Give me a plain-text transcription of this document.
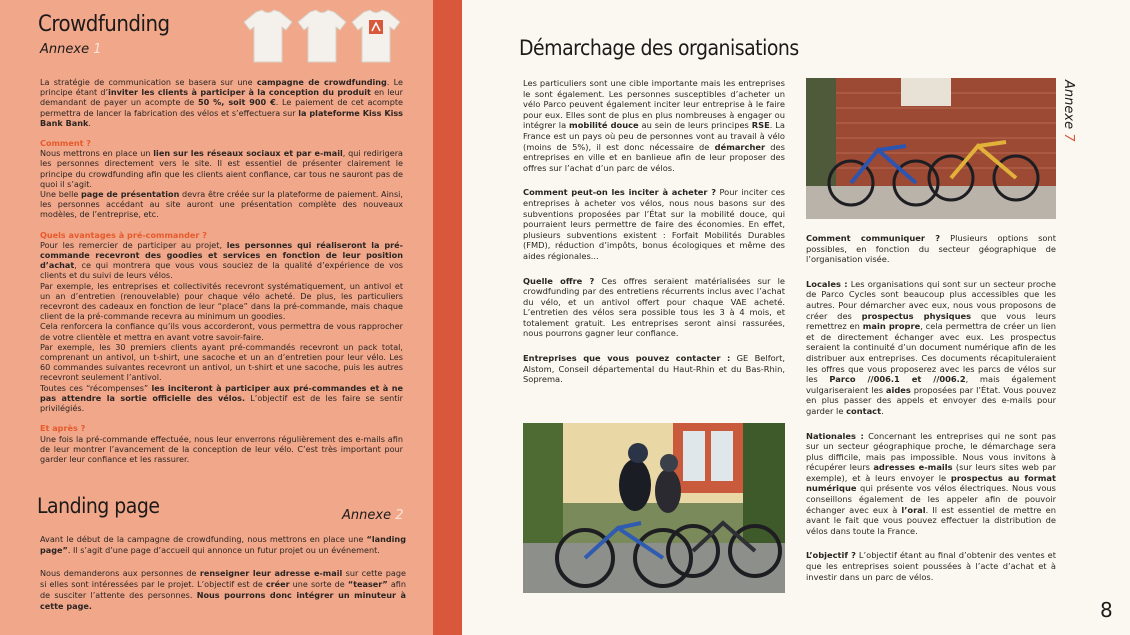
Crowdfunding
Annexe 1

La stratégie de communication se basera sur une campagne de crowdfunding. Le principe étant d’inviter les clients à participer à la conception du produit en leur demandant de payer un acompte de 50 %, soit 900 €. Le paiement de cet acompte permettra de lancer la fabrication des vélos et s’effectuera sur la plateforme Kiss Kiss Bank Bank.

Comment ?

Nous mettrons en place un lien sur les réseaux sociaux et par e-mail, qui redirigera les personnes directement vers le site. Il est essentiel de présenter clairement le principe du crowdfunding afin que les clients aient confiance, car tous ne sauront pas de quoi il s’agit.

Une belle page de présentation devra être créée sur la plateforme de paiement. Ainsi, les personnes accédant au site auront une présentation complète des nouveaux modèles, de l’entreprise, etc.

Quels avantages à pré-commander ?

Pour les remercier de participer au projet, les personnes qui réaliseront la pré-commande recevront des goodies et services en fonction de leur position d’achat, ce qui montrera que vous vous souciez de la qualité d’expérience de vos clients et du suivi de leurs vélos.

Par exemple, les entreprises et collectivités recevront systématiquement, un antivol et un an d’entretien (renouvelable) pour chaque vélo acheté. De plus, les particuliers recevront des cadeaux en fonction de leur “place” dans la pré-commande, mais chaque client de la pré-commande recevra au minimum un goodies.

Cela renforcera la confiance qu’ils vous accorderont, vous permettra de vous rapprocher de votre clientèle et mettra en avant votre savoir-faire.

Par exemple, les 30 premiers clients ayant pré-commandés recevront un pack total, comprenant un antivol, un t-shirt, une sacoche et un an d’entretien pour leur vélo. Les 60 commandes suivantes recevront un antivol, un t-shirt et une sacoche, puis les autres recevront seulement l’antivol.

Toutes ces “récompenses” les inciteront à participer aux pré-commandes et à ne pas attendre la sortie officielle des vélos. L’objectif est de les faire se sentir privilégiés.

Et après ?

Une fois la pré-commande effectuée, nous leur enverrons régulièrement des e-mails afin de leur montrer l’avancement de la conception de leur vélo. C’est très important pour garder leur confiance et les rassurer.

Landing page	Annexe 2

Avant le début de la campagne de crowdfunding, nous mettrons en place une “landing page”. Il s’agit d’une page d’accueil qui annonce un futur projet ou un événement.

Nous demanderons aux personnes de renseigner leur adresse e-mail sur cette page si elles sont intéressées par le projet. L’objectif est de créer une sorte de “teaser” afin de susciter l’attente des personnes. Nous pourrons donc intégrer un minuteur à cette page.

Démarchage des organisations

Les particuliers sont une cible importante mais les entreprises le sont également. Les personnes susceptibles d’acheter un vélo Parco peuvent également inciter leur entreprise à le faire pour eux. Elles sont de plus en plus nombreuses à engager ou intégrer la mobilité douce au sein de leurs principes RSE. La France est un pays où peu de personnes vont au travail à vélo (moins de 5%), il est donc nécessaire de démarcher des entreprises en ville et en banlieue afin de leur proposer des offres sur l’achat d’un parc de vélos.

Comment peut-on les inciter à acheter ? Pour inciter ces entreprises à acheter vos vélos, nous nous basons sur des subventions proposées par l’État sur la mobilité douce, qui pourraient leurs permettre de faire des économies. En effet, plusieurs subventions existent : Forfait Mobilités Durables (FMD), réduction d’impôts, bonus écologiques et même des aides régionales...

Quelle offre ? Ces offres seraient matérialisées sur le crowdfunding par des entretiens récurrents inclus avec l’achat du vélo, et un antivol offert pour chaque VAE acheté. L’entretien des vélos sera possible tous les 3 à 4 mois, et totalement gratuit. Les entreprises seront ainsi rassurées, nous pourrons gagner leur confiance.

Entreprises que vous pouvez contacter : GE Belfort, Alstom, Conseil départemental du Haut-Rhin et du Bas-Rhin, Soprema.

Annexe 7

Comment communiquer ? Plusieurs options sont possibles, en fonction du secteur géographique de l’organisation visée.

Locales : Les organisations qui sont sur un secteur proche de Parco Cycles sont beaucoup plus accessibles que les autres. Pour démarcher avec eux, nous vous proposons de créer des prospectus physiques que vous leurs remettrez en main propre, cela permettra de créer un lien et de directement échanger avec eux. Les prospectus seraient la continuité d’un document numérique afin de les distribuer aux entreprises. Ces documents récapituleraient les offres que vous proposerez avec les parcs de vélos sur les Parco //006.1 et //006.2, mais également vulgariseraient les aides proposées par l’État. Vous pouvez en plus passer des appels et envoyer des e-mails pour garder le contact.

Nationales : Concernant les entreprises qui ne sont pas sur un secteur géographique proche, le démarchage sera plus difficile, mais pas impossible. Nous vous invitons à récupérer leurs adresses e-mails (sur leurs sites web par exemple), et à leurs envoyer le prospectus au format numérique qui présente vos vélos électriques. Nous vous conseillons également de les appeler afin de pouvoir échanger avec eux à l’oral. Il est essentiel de mettre en avant le fait que vous pouvez effectuer la distribution de vélos dans toute la France.

L’objectif ? L’objectif étant au final d’obtenir des ventes et que les entreprises soient poussées à l’acte d’achat et à investir dans un parc de vélos.

8
